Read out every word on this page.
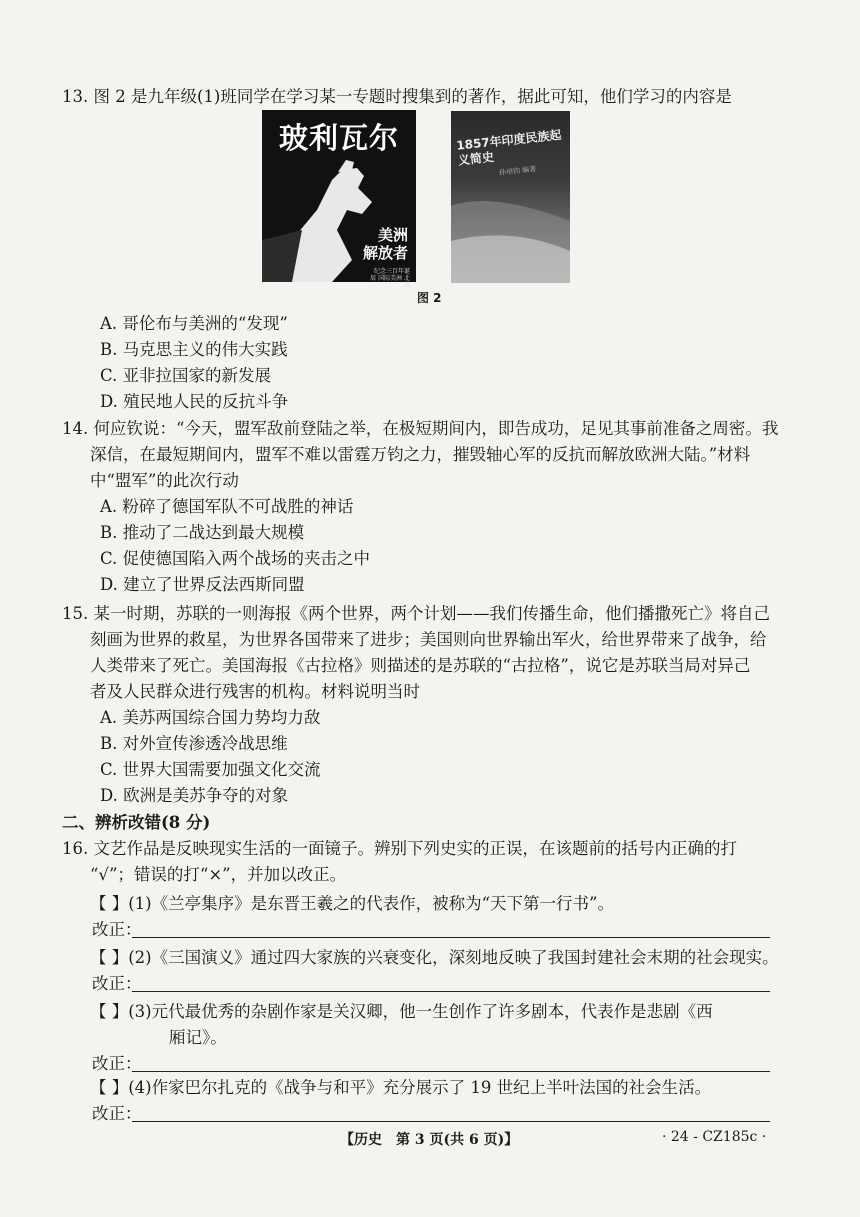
13. 图 2 是九年级(1)班同学在学习某一专题时搜集到的著作，据此可知，他们学习的内容是
玻利瓦尔
美洲
解放者
纪念三百年诞辰 国际美洲 北美
1857年印度民族起义简史
孙培钧 编著
图 2
A. 哥伦布与美洲的“发现”
B. 马克思主义的伟大实践
C. 亚非拉国家的新发展
D. 殖民地人民的反抗斗争
14. 何应钦说：“今天，盟军敌前登陆之举，在极短期间内，即告成功，足见其事前准备之周密。我
深信，在最短期间内，盟军不难以雷霆万钧之力，摧毁轴心军的反抗而解放欧洲大陆。”材料
中“盟军”的此次行动
A. 粉碎了德国军队不可战胜的神话
B. 推动了二战达到最大规模
C. 促使德国陷入两个战场的夹击之中
D. 建立了世界反法西斯同盟
15. 某一时期，苏联的一则海报《两个世界，两个计划——我们传播生命，他们播撒死亡》将自己
刻画为世界的救星，为世界各国带来了进步；美国则向世界输出军火，给世界带来了战争，给
人类带来了死亡。美国海报《古拉格》则描述的是苏联的“古拉格”，说它是苏联当局对异己
者及人民群众进行残害的机构。材料说明当时
A. 美苏两国综合国力势均力敌
B. 对外宣传渗透冷战思维
C. 世界大国需要加强文化交流
D. 欧洲是美苏争夺的对象
二、辨析改错(8 分)
16. 文艺作品是反映现实生活的一面镜子。辨别下列史实的正误，在该题前的括号内正确的打
“√”；错误的打“×”，并加以改正。
【 】(1)《兰亭集序》是东晋王羲之的代表作，被称为“天下第一行书”。
改正：
【 】(2)《三国演义》通过四大家族的兴衰变化，深刻地反映了我国封建社会末期的社会现实。
改正：
【 】(3)元代最优秀的杂剧作家是关汉卿，他一生创作了许多剧本，代表作是悲剧《西
厢记》。
改正：
【 】(4)作家巴尔扎克的《战争与和平》充分展示了 19 世纪上半叶法国的社会生活。
改正：
【历史　第 3 页(共 6 页)】	· 24 - CZ185c ·
